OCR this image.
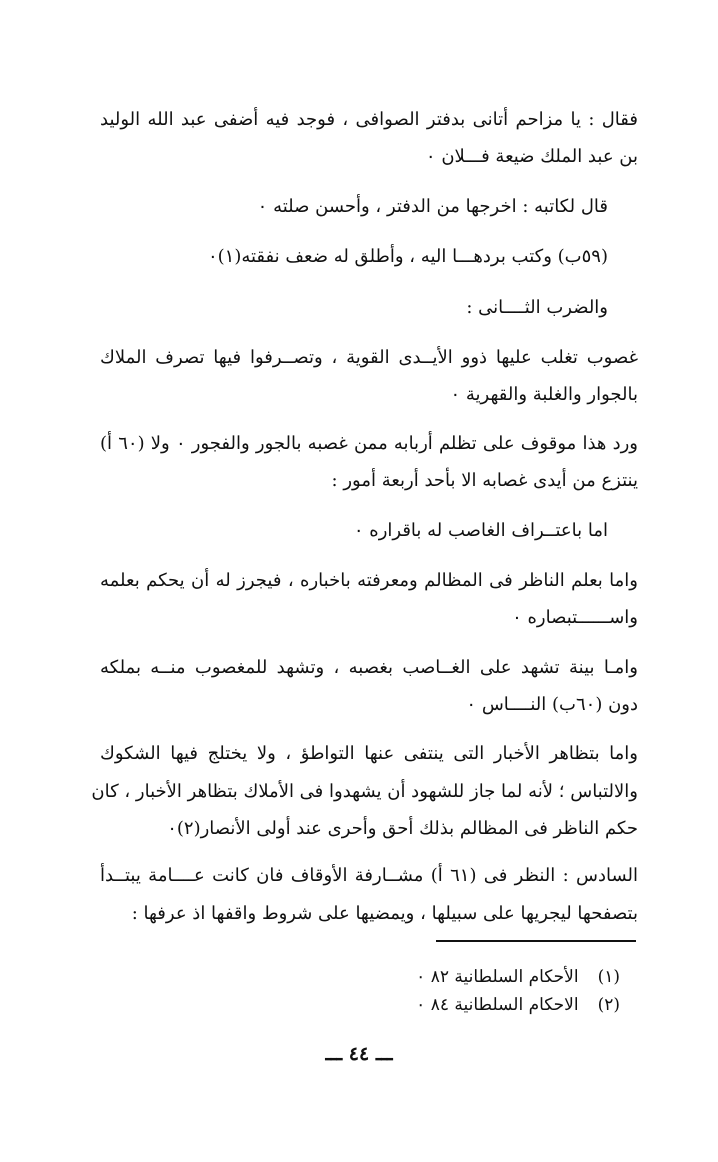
فقال : يا مزاحم أتانى بدفتر الصوافى ، فوجد فيه أضفى عبد الله الوليد
بن عبد الملك ضيعة فـــلان ٠
قال لكاتبه : اخرجها من الدفتر ، وأحسن صلته ٠
(٥٩ب) وكتب بردهـــا اليه ، وأطلق له ضعف نفقته(١)٠
والضرب الثــــانى :
غصوب تغلب عليها ذوو الأيــدى القوية ، وتصــرفوا فيها تصرف الملاك
بالجوار والغلبة والقهرية ٠
ورد هذا موقوف على تظلم أربابه ممن غصبه بالجور والفجور ٠ ولا (٦٠ أ)
ينتزع من أيدى غصابه الا بأحد أربعة أمور :
اما باعتــراف الغاصب له باقراره ٠
واما بعلم الناظر فى المظالم ومعرفته باخباره ، فيجرز له أن يحكم بعلمه
واســــــتبصاره ٠
وامـا بينة تشهد على الغــاصب بغصبه ، وتشهد للمغصوب منــه بملكه
دون (٦٠ب) النــــاس ٠
واما بتظاهر الأخبار التى ينتفى عنها التواطؤ ، ولا يختلج فيها الشكوك
والالتباس ؛ لأنه لما جاز للشهود أن يشهدوا فى الأملاك بتظاهر الأخبار ، كان
حكم الناظر فى المظالم بذلك أحق وأحرى عند أولى الأنصار(٢)٠
السادس : النظر فى (٦١ أ) مشــارفة الأوقاف فان كانت عــــامة يبتــدأ
بتصفحها ليجريها على سبيلها ، ويمضيها على شروط واقفها اذ عرفها :
(١) الأحكام السلطانية ٨٢ ٠
(٢) الاحكام السلطانية ٨٤ ٠
ـــ ٤٤ ـــ
